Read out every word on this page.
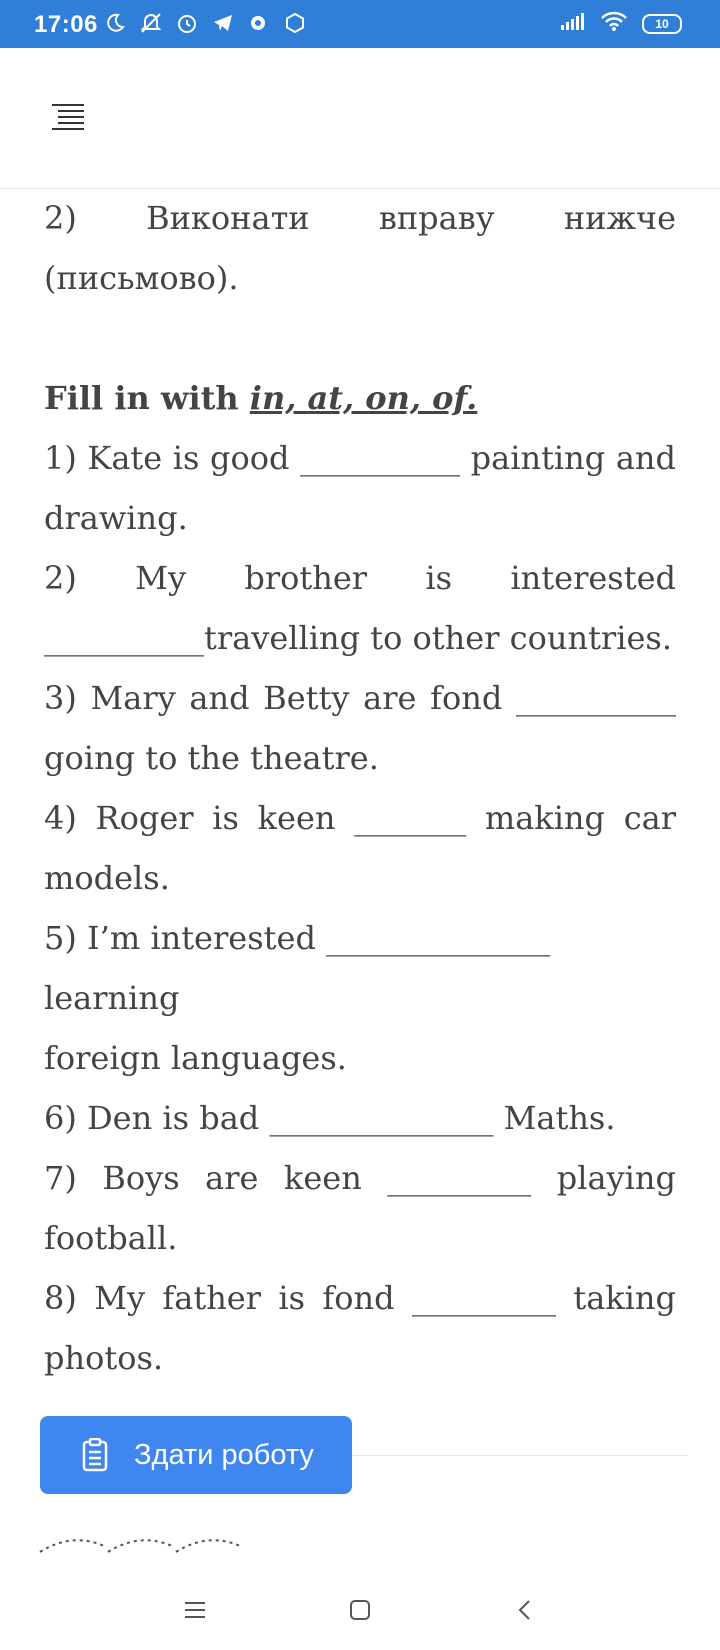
17:06	10
2) Виконати вправу нижче
(письмово).
Fill in with in, at, on, of.
1) Kate is good __________ painting and
drawing.
2) My brother is interested
__________travelling to other countries.
3) Mary and Betty are fond __________
going to the theatre.
4) Roger is keen _______ making car
models.
5) I’m interested ______________ learning
foreign languages.
6) Den is bad ______________ Maths.
7) Boys are keen _________ playing
football.
8) My father is fond _________ taking
photos.
Здати роботу
